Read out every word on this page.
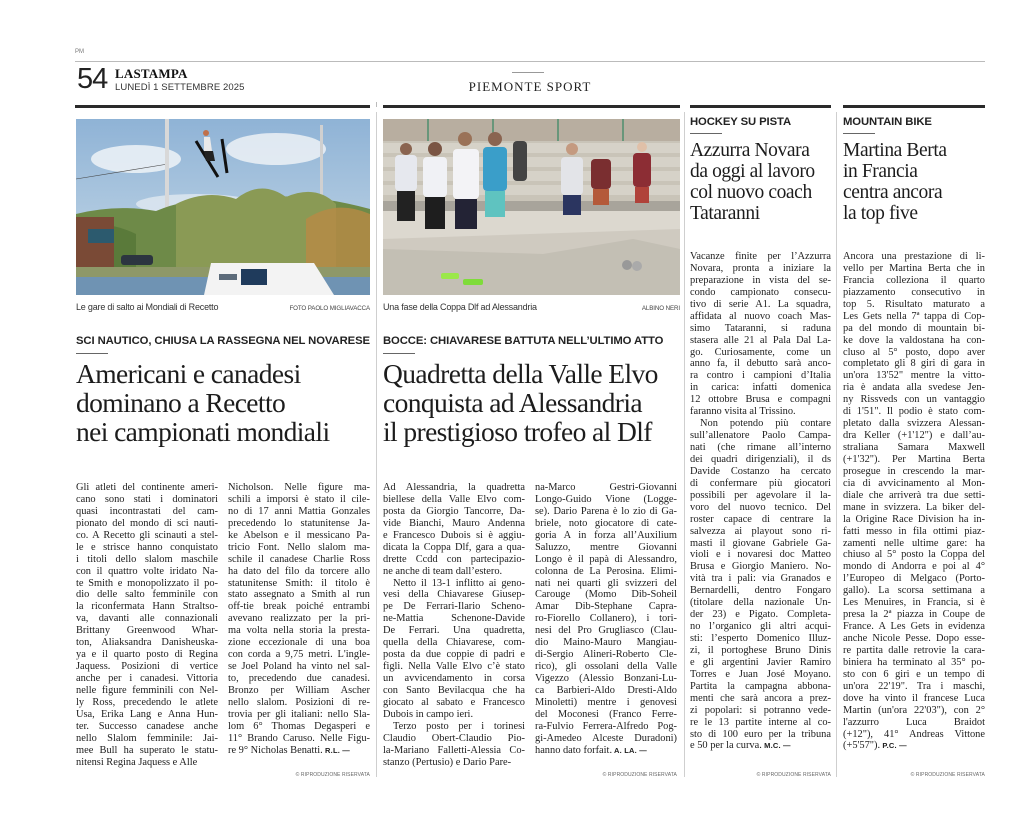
PM
54 LASTAMPA
LUNEDÌ 1 SETTEMBRE 2025	PIEMONTE SPORT
Le gare di salto ai Mondiali di Recetto	FOTO PAOLO MIGLIAVACCA
SCI NAUTICO, CHIUSA LA RASSEGNA NEL NOVARESE
Americani e canadesi
dominano a Recetto
nei campionati mondiali
Una fase della Coppa Dlf ad Alessandria	ALBINO NERI
BOCCE: CHIAVARESE BATTUTA NELL’ULTIMO ATTO
Quadretta della Valle Elvo
conquista ad Alessandria
il prestigioso trofeo al Dlf
HOCKEY SU PISTA
Azzurra Novara
da oggi al lavoro
col nuovo coach
Tataranni
MOUNTAIN BIKE
Martina Berta
in Francia
centra ancora
la top five
Gli atleti del continente ameri-
cano sono stati i dominatori
quasi incontrastati del cam-
pionato del mondo di sci nauti-
co. A Recetto gli scinauti a stel-
le e strisce hanno conquistato
i titoli dello slalom maschile
con il quattro volte iridato Na-
te Smith e monopolizzato il po-
dio delle salto femminile con
la riconfermata Hann Straltso-
va, davanti alle connazionali
Brittany Greenwood Whar-
ton, Aliaksandra Danisheuska-
ya e il quarto posto di Regina
Jaquess. Posizioni di vertice
anche per i canadesi. Vittoria
nelle figure femminili con Nel-
ly Ross, precedendo le atlete
Usa, Erika Lang e Anna Hun-
ter. Successo canadese anche
nello Slalom femminile: Jai-
mee Bull ha superato le statu-
nitensi Regina Jaquess e Alle
Nicholson. Nelle figure ma-
schili a imporsi è stato il cile-
no di 17 anni Mattia Gonzales
precedendo lo statunitense Ja-
ke Abelson e il messicano Pa-
tricio Font. Nello slalom ma-
schile il canadese Charlie Ross
ha dato del filo da torcere allo
statunitense Smith: il titolo è
stato assegnato a Smith al run
off-tie break poiché entrambi
avevano realizzato per la pri-
ma volta nella storia la presta-
zione eccezionale di una boa
con corda a 9,75 metri. L'ingle-
se Joel Poland ha vinto nel sal-
to, precedendo due canadesi.
Bronzo per William Ascher
nello slalom. Posizioni di re-
trovia per gli italiani: nello Sla-
lom 6° Thomas Degasperi e
11° Brando Caruso. Nelle Figu-
re 9° Nicholas Benatti. R.L. —
Ad Alessandria, la quadretta
biellese della Valle Elvo com-
posta da Giorgio Tancorre, Da-
vide Bianchi, Mauro Andenna
e Francesco Dubois si è aggiu-
dicata la Coppa Dlf, gara a qua-
drette Ccdd con partecipazio-
ne anche di team dall’estero.
Netto il 13-1 inflitto ai geno-
vesi della Chiavarese Giusep-
pe De Ferrari-Ilario Scheno-
ne-Mattia Schenone-Davide
De Ferrari. Una quadretta,
quella della Chiavarese, com-
posta da due coppie di padri e
figli. Nella Valle Elvo c’è stato
un avvicendamento in corsa
con Santo Bevilacqua che ha
giocato al sabato e Francesco
Dubois in campo ieri.
Terzo posto per i torinesi
Claudio Obert-Claudio Pio-
la-Mariano Falletti-Alessia Co-
stanzo (Pertusio) e Dario Pare-
na-Marco Gestri-Giovanni
Longo-Guido Vione (Logge-
se). Dario Parena è lo zio di Ga-
briele, noto giocatore di cate-
goria A in forza all’Auxilium
Saluzzo, mentre Giovanni
Longo è il papà di Alessandro,
colonna de La Perosina. Elimi-
nati nei quarti gli svizzeri del
Carouge (Momo Dib-Soheil
Amar Dib-Stephane Capra-
ro-Fiorello Collanero), i tori-
nesi del Pro Grugliasco (Clau-
dio Maino-Mauro Mangiau-
di-Sergio Alineri-Roberto Cle-
rico), gli ossolani della Valle
Vigezzo (Alessio Bonzani-Lu-
ca Barbieri-Aldo Dresti-Aldo
Minoletti) mentre i genovesi
del Moconesi (Franco Ferre-
ra-Fulvio Ferrera-Alfredo Pog-
gi-Amedeo Alceste Duradoni)
hanno dato forfait. A. LA. —
Vacanze finite per l’Azzurra
Novara, pronta a iniziare la
preparazione in vista del se-
condo campionato consecu-
tivo di serie A1. La squadra,
affidata al nuovo coach Mas-
simo Tataranni, si raduna
stasera alle 21 al Pala Dal La-
go. Curiosamente, come un
anno fa, il debutto sarà anco-
ra contro i campioni d’Italia
in carica: infatti domenica
12 ottobre Brusa e compagni
faranno visita al Trissino.
Non potendo più contare
sull’allenatore Paolo Campa-
nati (che rimane all’interno
dei quadri dirigenziali), il ds
Davide Costanzo ha cercato
di confermare più giocatori
possibili per agevolare il la-
voro del nuovo tecnico. Del
roster capace di centrare la
salvezza ai playout sono ri-
masti il giovane Gabriele Ga-
violi e i novaresi doc Matteo
Brusa e Giorgio Maniero. No-
vità tra i pali: via Granados e
Bernardelli, dentro Fongaro
(titolare della nazionale Un-
der 23) e Pigato. Completa-
no l’organico gli altri acqui-
sti: l’esperto Domenico Illuz-
zi, il portoghese Bruno Dinis
e gli argentini Javier Ramiro
Torres e Juan José Moyano.
Partita la campagna abbona-
menti che sarà ancora a prez-
zi popolari: si potranno vede-
re le 13 partite interne al co-
sto di 100 euro per la tribuna
e 50 per la curva. M.C. —
Ancora una prestazione di li-
vello per Martina Berta che in
Francia colleziona il quarto
piazzamento consecutivo in
top 5. Risultato maturato a
Les Gets nella 7ª tappa di Cop-
pa del mondo di mountain bi-
ke dove la valdostana ha con-
cluso al 5° posto, dopo aver
completato gli 8 giri di gara in
un'ora 13'52" mentre la vitto-
ria è andata alla svedese Jen-
ny Rissveds con un vantaggio
di 1'51". Il podio è stato com-
pletato dalla svizzera Alessan-
dra Keller (+1'12") e dall’au-
straliana Samara Maxwell
(+1'32"). Per Martina Berta
prosegue in crescendo la mar-
cia di avvicinamento al Mon-
diale che arriverà tra due setti-
mane in svizzera. La biker del-
la Origine Race Division ha in-
fatti messo in fila ottimi piaz-
zamenti nelle ultime gare: ha
chiuso al 5° posto la Coppa del
mondo di Andorra e poi al 4°
l’Europeo di Melgaco (Porto-
gallo). La scorsa settimana a
Les Menuires, in Francia, si è
presa la 2ª piazza in Coupe de
France. A Les Gets in evidenza
anche Nicole Pesse. Dopo esse-
re partita dalle retrovie la cara-
biniera ha terminato al 35° po-
sto con 6 giri e un tempo di
un'ora 22'19". Tra i maschi,
dove ha vinto il francese Luca
Martin (un'ora 22'03"), con 2°
l'azzurro Luca Braidot
(+12"), 41° Andreas Vittone
(+5'57"). P.C. —
© RIPRODUZIONE RISERVATA	© RIPRODUZIONE RISERVATA	© RIPRODUZIONE RISERVATA	© RIPRODUZIONE RISERVATA
